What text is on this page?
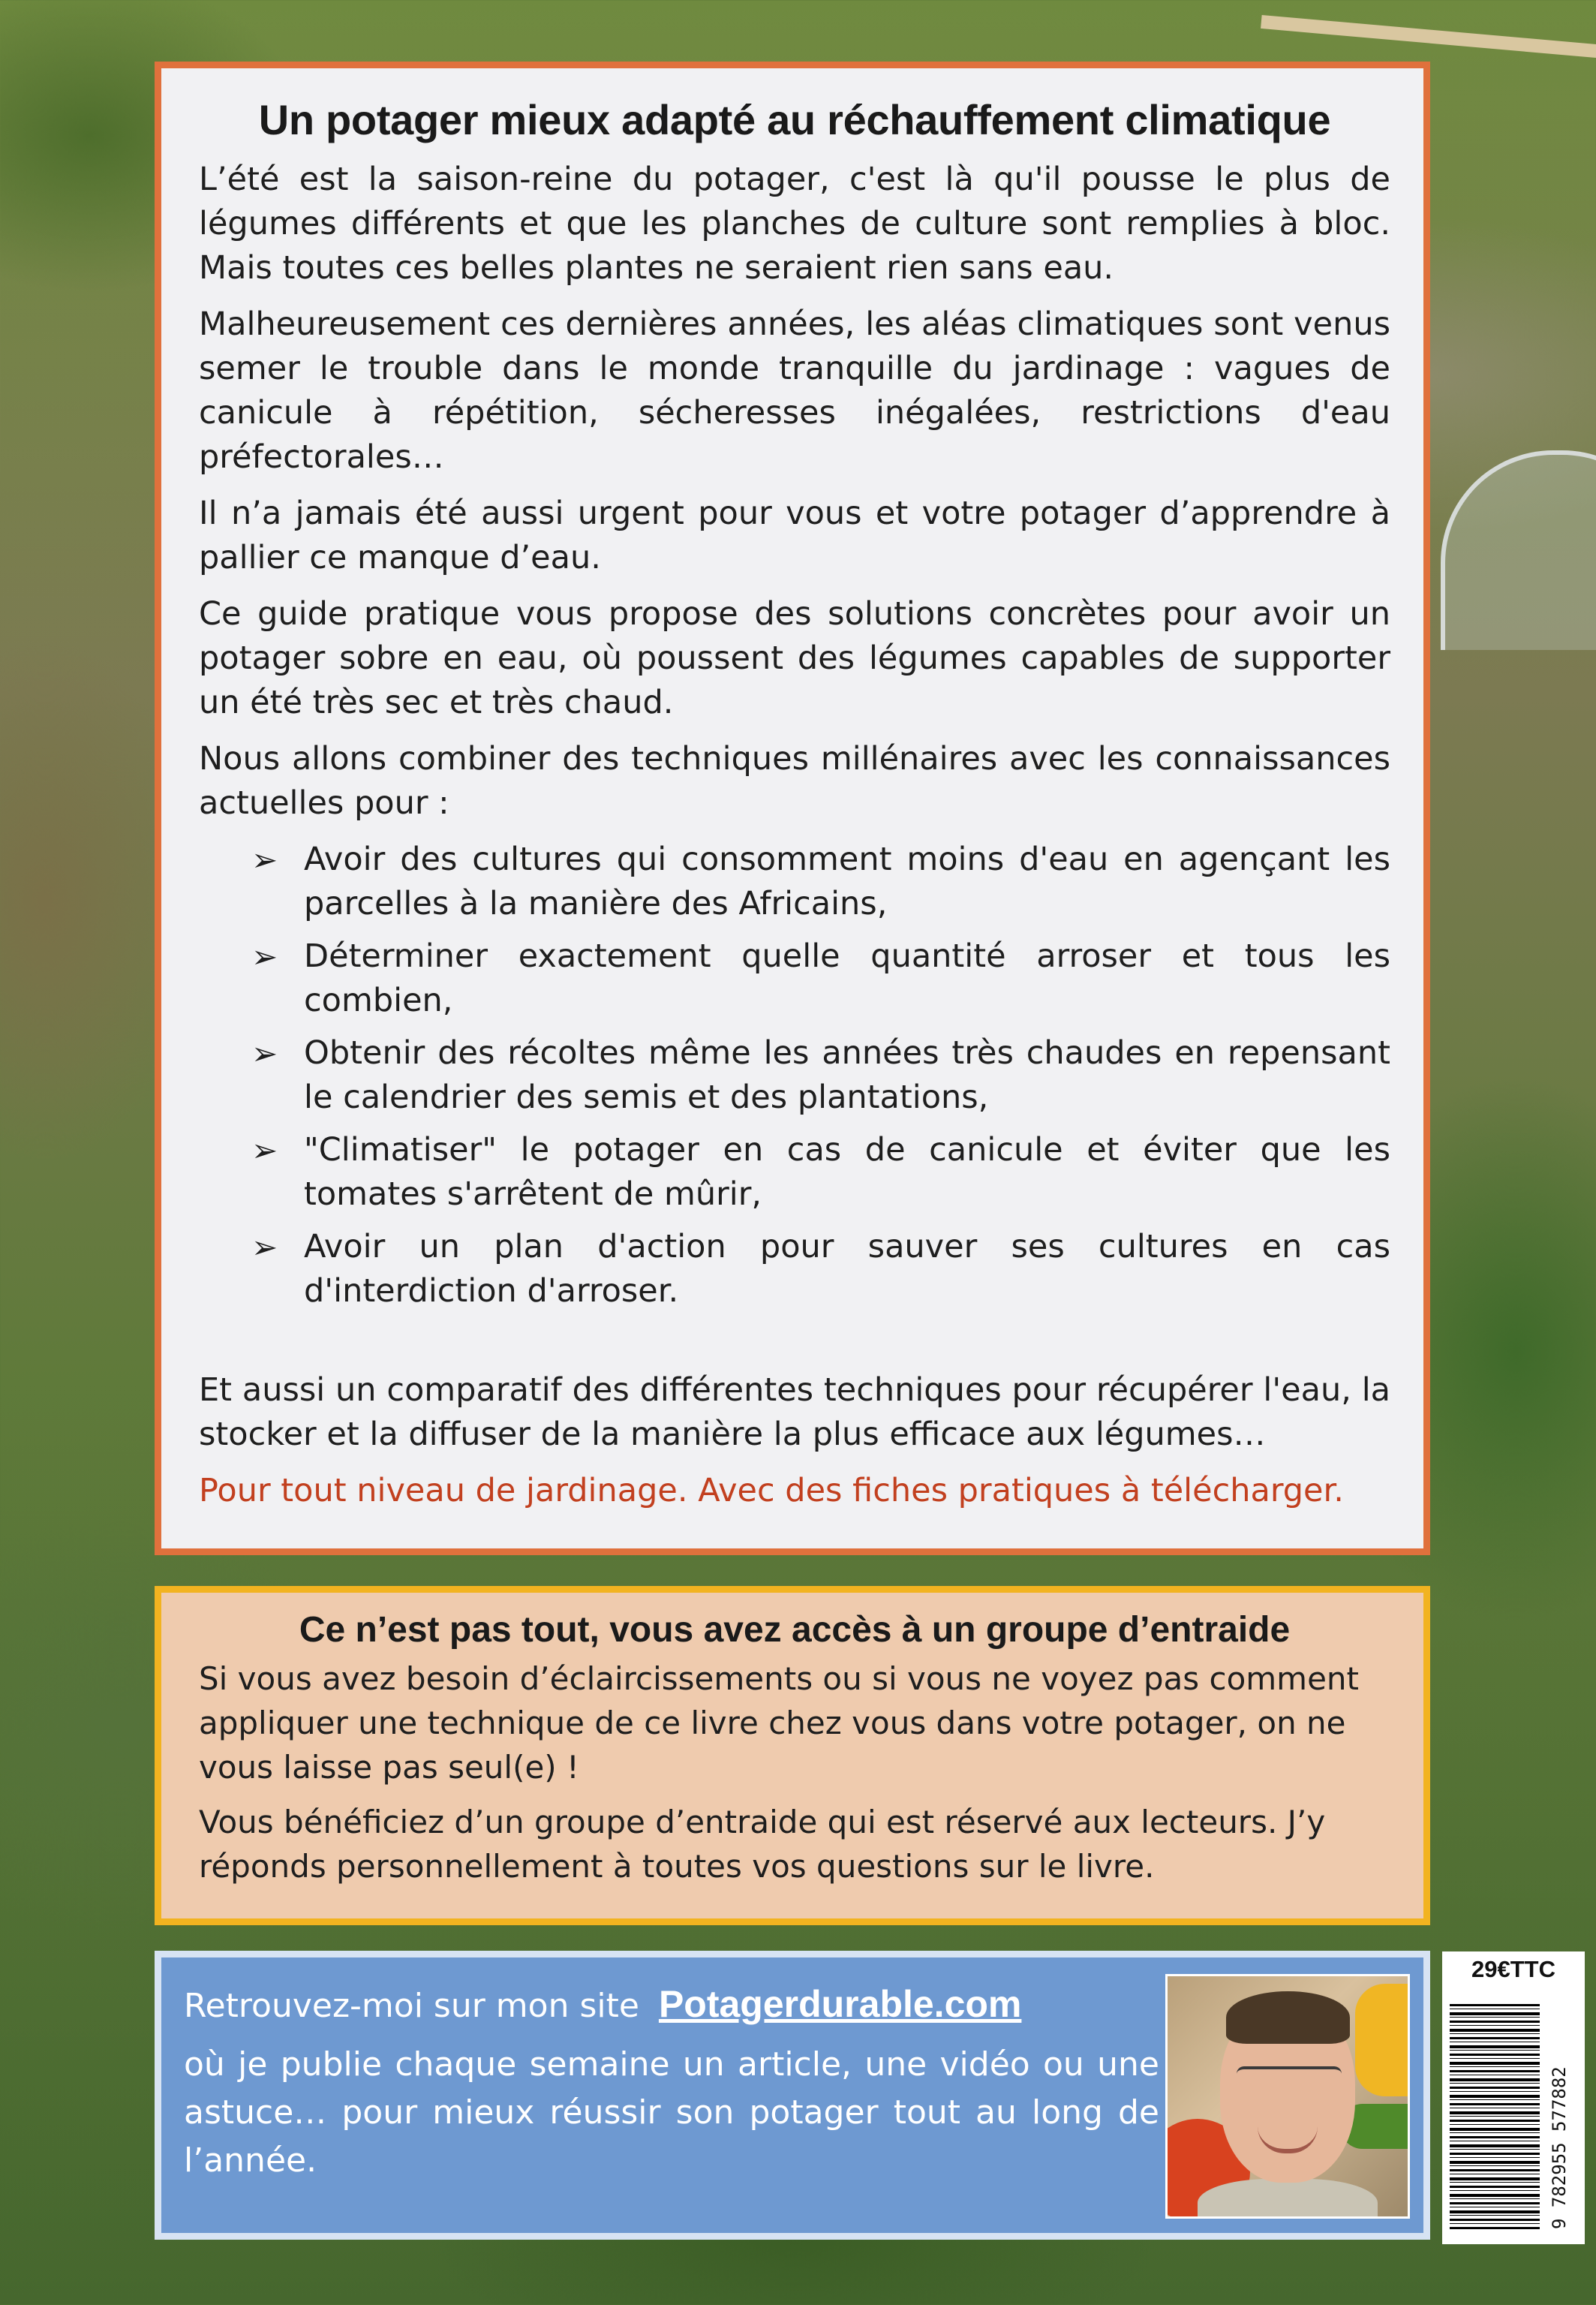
Un potager mieux adapté au réchauffement climatique

L’été est la saison-reine du potager, c'est là qu'il pousse le plus de légumes différents et que les planches de culture sont remplies à bloc. Mais toutes ces belles plantes ne seraient rien sans eau.

Malheureusement ces dernières années, les aléas climatiques sont venus semer le trouble dans le monde tranquille du jardinage : vagues de canicule à répétition, sécheresses inégalées, restrictions d'eau préfectorales…

Il n’a jamais été aussi urgent pour vous et votre potager d’apprendre à pallier ce manque d’eau.

Ce guide pratique vous propose des solutions concrètes pour avoir un potager sobre en eau, où poussent des légumes capables de supporter un été très sec et très chaud.

Nous allons combiner des techniques millénaires avec les connaissances actuelles pour :

➢ Avoir des cultures qui consomment moins d'eau en agençant les parcelles à la manière des Africains,
➢ Déterminer exactement quelle quantité arroser et tous les combien,
➢ Obtenir des récoltes même les années très chaudes en repensant le calendrier des semis et des plantations,
➢ "Climatiser" le potager en cas de canicule et éviter que les tomates s'arrêtent de mûrir,
➢ Avoir un plan d'action pour sauver ses cultures en cas d'interdiction d'arroser.

Et aussi un comparatif des différentes techniques pour récupérer l'eau, la stocker et la diffuser de la manière la plus efficace aux légumes…

Pour tout niveau de jardinage. Avec des fiches pratiques à télécharger.

Ce n’est pas tout, vous avez accès à un groupe d’entraide

Si vous avez besoin d’éclaircissements ou si vous ne voyez pas comment appliquer une technique de ce livre chez vous dans votre potager, on ne vous laisse pas seul(e) !

Vous bénéficiez d’un groupe d’entraide qui est réservé aux lecteurs. J’y réponds personnellement à toutes vos questions sur le livre.

Retrouvez-moi sur mon site Potagerdurable.com

où je publie chaque semaine un article, une vidéo ou une astuce… pour mieux réussir son potager tout au long de l’année.

29€TTC
9 782955 577882
